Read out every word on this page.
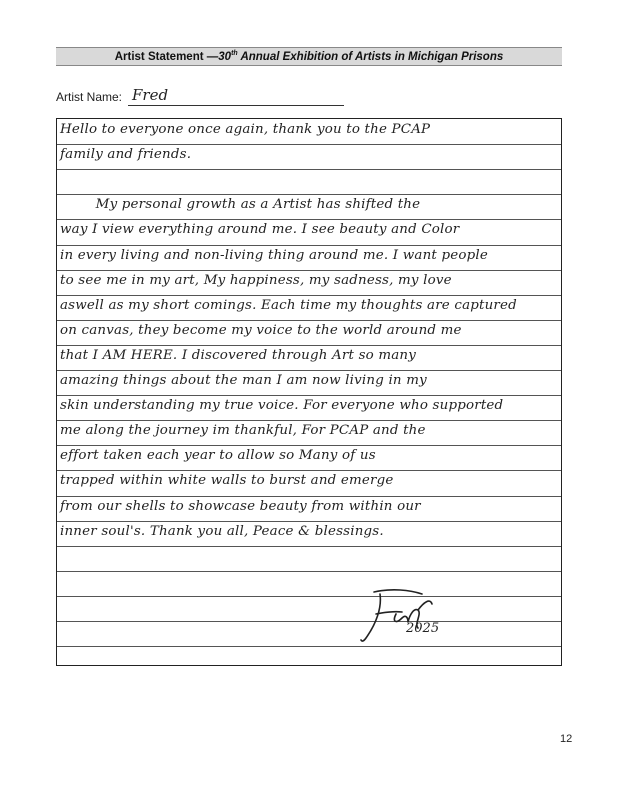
Artist Statement — 30th Annual Exhibition of Artists in Michigan Prisons
Artist Name: Fred
Hello to everyone once again, thank you to the PCAP
family and friends.
My personal growth as a Artist has shifted the
way I view everything around me. I see beauty and Color
in every living and non-living thing around me. I want people
to see me in my art, My happiness, my sadness, my love
aswell as my short comings. Each time my thoughts are captured
on canvas, they become my voice to the world around me
that I AM HERE. I discovered through Art so many
amazing things about the man I am now living in my
skin understanding my true voice. For everyone who supported
me along the journey im thankful, For PCAP and the
effort taken each year to allow so Many of us
trapped within white walls to burst and emerge
from our shells to showcase beauty from within our
inner soul's. Thank you all, Peace & blessings.
2025
12
